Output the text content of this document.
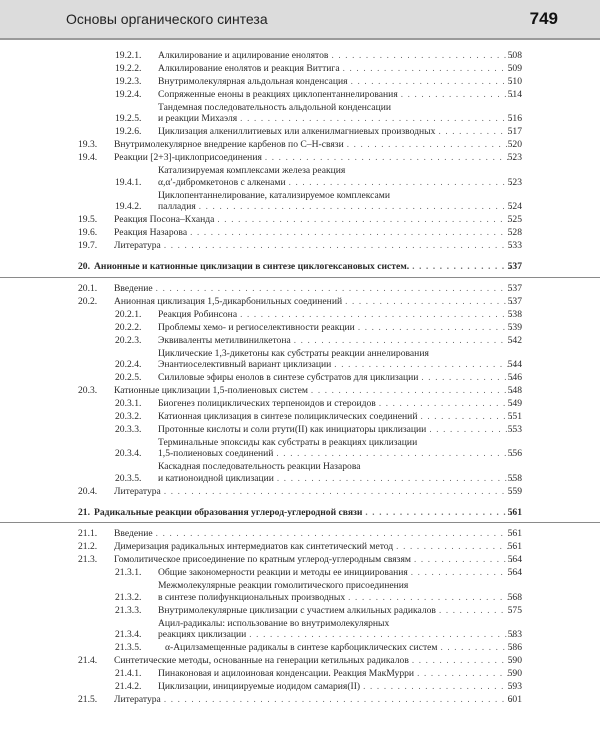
Основы органического синтеза	749
19.2.1. Алкилирование и ацилирование енолятов . . .	508
19.2.2. Алкилирование енолятов и реакция Виттига . . .	509
19.2.3. Внутримолекулярная альдольная конденсация . . .	510
19.2.4. Сопряженные еноны в реакциях циклопентаннелирования . . .	514
19.2.5.
Тандемная последовательность альдольной конденсации
и реакции Михаэля . . .	516
19.2.6. Циклизация алкениллитиевых или алкенилмагниевых производных . . .	517
19.3. Внутримолекулярное внедрение карбенов по С–Н-связи . . .	520
19.4. Реакции [2+3]-циклоприсоединения . . .	523
19.4.1.
Катализируемая комплексами железа реакция
α,α′-дибромкетонов с алкенами . . .	523
19.4.2.
Циклопентаннелирование, катализируемое комплексами
палладия . . .	524
19.5. Реакция Посона–Кханда . . .	525
19.6. Реакция Назарова . . .	528
19.7. Литература . . .	533
20. Анионные и катионные циклизации в синтезе циклогексановых систем. . . .	537
20.1. Введение . . .	537
20.2. Анионная циклизация 1,5-дикарбонильных соединений . . .	537
20.2.1. Реакция Робинсона . . .	538
20.2.2. Проблемы хемо- и региоселективности реакции . . .	539
20.2.3. Эквиваленты метилвинилкетона . . .	542
20.2.4.
Циклические 1,3-дикетоны как субстраты реакции аннелирования
Энантиоселективный вариант циклизации . . .	544
20.2.5. Силиловые эфиры енолов в синтезе субстратов для циклизации . . .	546
20.3. Катионные циклизации 1,5-полиеновых систем . . .	548
20.3.1. Биогенез полициклических терпеноидов и стероидов . . .	549
20.3.2. Катионная циклизация в синтезе полициклических соединений . . .	551
20.3.3. Протонные кислоты и соли ртути(II) как инициаторы циклизации . . .	553
20.3.4.
Терминальные эпоксиды как субстраты в реакциях циклизации
1,5-полиеновых соединений . . .	556
20.3.5.
Каскадная последовательность реакции Назарова
и катионоидной циклизации . . .	558
20.4. Литература . . .	559
21. Радикальные реакции образования углерод-углеродной связи . . .	561
21.1. Введение . . .	561
21.2. Димеризация радикальных интермедиатов как синтетический метод . . .	561
21.3. Гомолитическое присоединение по кратным углерод-углеродным связям . . .	564
21.3.1. Общие закономерности реакции и методы ее инициирования . . .	564
21.3.2.
Межмолекулярные реакции гомолитического присоединения
в синтезе полифункциональных производных . . .	568
21.3.3. Внутримолекулярные циклизации с участием алкильных радикалов . . .	575
21.3.4.
Ацил-радикалы: использование во внутримолекулярных
реакциях циклизации . . .	583
21.3.5. α-Ацилзамещенные радикалы в синтезе карбоциклических систем . . .	586
21.4. Синтетические методы, основанные на генерации кетильных радикалов . . .	590
21.4.1. Пинаконовая и ацилоиновая конденсации. Реакция МакМурри . . .	590
21.4.2. Циклизации, инициируемые иодидом самария(II) . . .	593
21.5. Литература . . .	601
